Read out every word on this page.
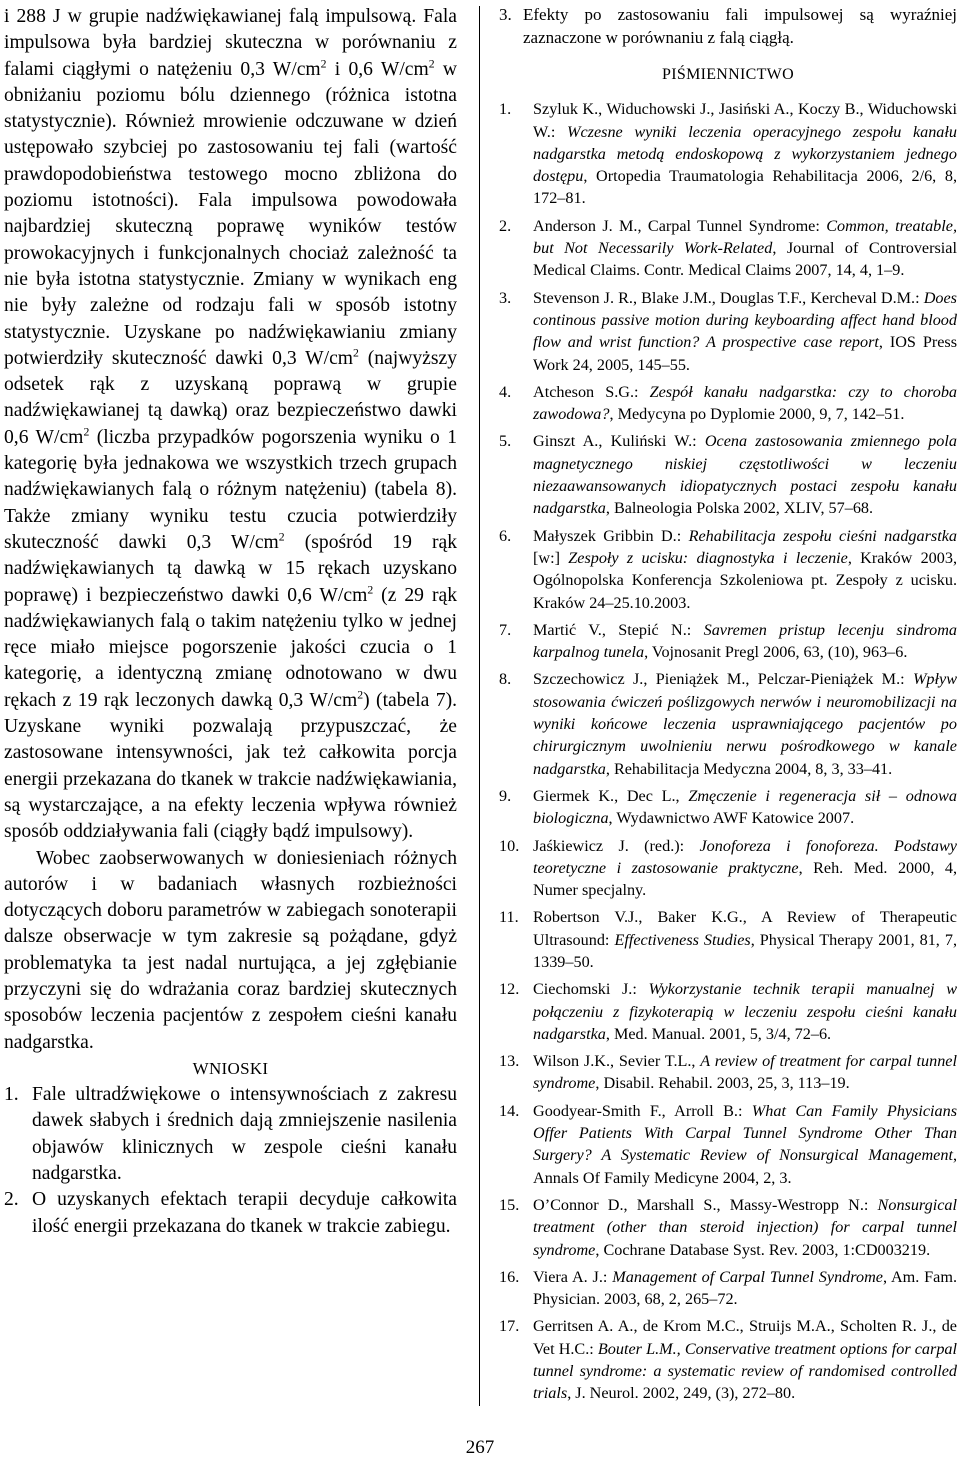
i 288 J w grupie nadźwiękawianej falą impulsową. Fala impulsowa była bardziej skuteczna w porównaniu z falami ciągłymi o natężeniu 0,3 $W/cm^2$ i 0,6 $W/cm^2$ w obniżaniu poziomu bólu dziennego (różnica istotna statystycznie). Również mrowienie odczuwane w dzień ustępowało szybciej po zastosowaniu tej fali (wartość prawdopodobieństwa testowego mocno zbliżona do poziomu istotności). Fala impulsowa powodowała najbardziej skuteczną poprawę wyników testów prowokacyjnych i funkcjonalnych chociaż zależność ta nie była istotna statystycznie. Zmiany w wynikach eng nie były zależne od rodzaju fali w sposób istotny statystycznie. Uzyskane po nadźwiękawianiu zmiany potwierdziły skuteczność dawki 0,3 $W/cm^2$ (najwyższy odsetek rąk z uzyskaną poprawą w grupie nadźwiękawianej tą dawką) oraz bezpieczeństwo dawki 0,6 $W/cm^2$ (liczba przypadków pogorszenia wyniku o 1 kategorię była jednakowa we wszystkich trzech grupach nadźwiękawianych falą o różnym natężeniu) (tabela 8). Także zmiany wyniku testu czucia potwierdziły skuteczność dawki 0,3 $W/cm^2$ (spośród 19 rąk nadźwiękawianych tą dawką w 15 rękach uzyskano poprawę) i bezpieczeństwo dawki 0,6 $W/cm^2$ (z 29 rąk nadźwiękawianych falą o takim natężeniu tylko w jednej ręce miało miejsce pogorszenie jakości czucia o 1 kategorię, a identyczną zmianę odnotowano w dwu rękach z 19 rąk leczonych dawką 0,3 $W/cm^2$) (tabela 7). Uzyskane wyniki pozwalają przypuszczać, że zastosowane intensywności, jak też całkowita porcja energii przekazana do tkanek w trakcie nadźwiękawiania, są wystarczające, a na efekty leczenia wpływa również sposób oddziaływania fali (ciągły bądź impulsowy).

Wobec zaobserwowanych w doniesieniach różnych autorów i w badaniach własnych rozbieżności dotyczących doboru parametrów w zabiegach sonoterapii dalsze obserwacje w tym zakresie są pożądane, gdyż problematyka ta jest nadal nurtująca, a jej zgłębianie przyczyni się do wdrażania coraz bardziej skutecznych sposobów leczenia pacjentów z zespołem cieśni kanału nadgarstka.

WNIOSKI

1. Fale ultradźwiękowe o intensywnościach z zakresu dawek słabych i średnich dają zmniejszenie nasilenia objawów klinicznych w zespole cieśni kanału nadgarstka.
2. O uzyskanych efektach terapii decyduje całkowita ilość energii przekazana do tkanek w trakcie zabiegu.
3. Efekty po zastosowaniu fali impulsowej są wyraźniej zaznaczone w porównaniu z falą ciągłą.

PIŚMIENNICTWO

1.	Szyluk K., Widuchowski J., Jasiński A., Koczy B., Widuchowski W.: Wczesne wyniki leczenia operacyjnego zespołu kanału nadgarstka metodą endoskopową z wykorzystaniem jednego dostępu, Ortopedia Traumatologia Rehabilitacja 2006, 2/6, 8, 172–81.
2.	Anderson J. M., Carpal Tunnel Syndrome: Common, treatable, but Not Necessarily Work-Related, Journal of Controversial Medical Claims. Contr. Medical Claims 2007, 14, 4, 1–9.
3.	Stevenson J. R., Blake J.M., Douglas T.F., Kercheval D.M.: Does continous passive motion during keyboarding affect hand blood flow and wrist function? A prospective case report, IOS Press Work 24, 2005, 145–55.
4.	Atcheson S.G.: Zespół kanału nadgarstka: czy to choroba zawodowa?, Medycyna po Dyplomie 2000, 9, 7, 142–51.
5.	Ginszt A., Kuliński W.: Ocena zastosowania zmiennego pola magnetycznego niskiej częstotliwości w leczeniu niezaawansowanych idiopatycznych postaci zespołu kanału nadgarstka, Balneologia Polska 2002, XLIV, 57–68.
6.	Małyszek Gribbin D.: Rehabilitacja zespołu cieśni nadgarstka [w:] Zespoły z ucisku: diagnostyka i leczenie, Kraków 2003, Ogólnopolska Konferencja Szkoleniowa pt. Zespoły z ucisku. Kraków 24–25.10.2003.
7.	Martić V., Stepić N.: Savremen pristup lecenju sindroma karpalnog tunela, Vojnosanit Pregl 2006, 63, (10), 963–6.
8.	Szczechowicz J., Pieniążek M., Pelczar-Pieniążek M.: Wpływ stosowania ćwiczeń poślizgowych nerwów i neuromobilizacji na wyniki końcowe leczenia usprawniającego pacjentów po chirurgicznym uwolnieniu nerwu pośrodkowego w kanale nadgarstka, Rehabilitacja Medyczna 2004, 8, 3, 33–41.
9.	Giermek K., Dec L., Zmęczenie i regeneracja sił – odnowa biologiczna, Wydawnictwo AWF Katowice 2007.
10. Jaśkiewicz J. (red.): Jonoforeza i fonoforeza. Podstawy teoretyczne i zastosowanie praktyczne, Reh. Med. 2000, 4, Numer specjalny.
11. Robertson V.J., Baker K.G., A Review of Therapeutic Ultrasound: Effectiveness Studies, Physical Therapy 2001, 81, 7, 1339–50.
12. Ciechomski J.: Wykorzystanie technik terapii manualnej w połączeniu z fizykoterapią w leczeniu zespołu cieśni kanału nadgarstka, Med. Manual. 2001, 5, 3/4, 72–6.
13. Wilson J.K., Sevier T.L., A review of treatment for carpal tunnel syndrome, Disabil. Rehabil. 2003, 25, 3, 113–19.
14. Goodyear-Smith F., Arroll B.: What Can Family Physicians Offer Patients With Carpal Tunnel Syndrome Other Than Surgery? A Systematic Review of Nonsurgical Management, Annals Of Family Medicyne 2004, 2, 3.
15. O’Connor D., Marshall S., Massy-Westropp N.: Nonsurgical treatment (other than steroid injection) for carpal tunnel syndrome, Cochrane Database Syst. Rev. 2003, 1:CD003219.
16. Viera A. J.: Management of Carpal Tunnel Syndrome, Am. Fam. Physician. 2003, 68, 2, 265–72.
17. Gerritsen A. A., de Krom M.C., Struijs M.A., Scholten R. J., de Vet H.C.: Bouter L.M., Conservative treatment options for carpal tunnel syndrome: a systematic review of randomised controlled trials, J. Neurol. 2002, 249, (3), 272–80.
267
